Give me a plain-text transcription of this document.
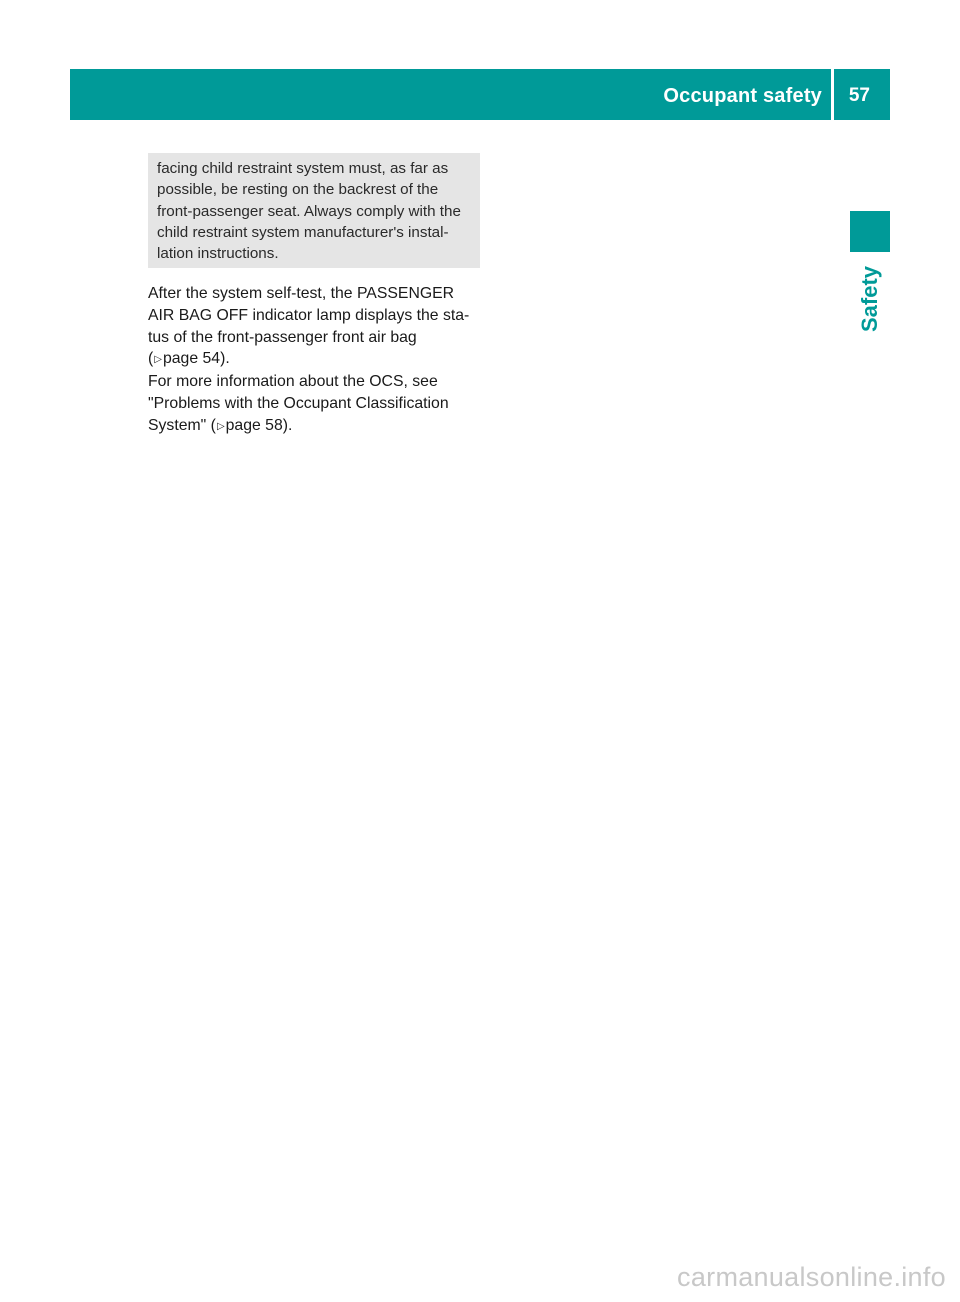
Occupant safety 57
Safety
facing child restraint system must, as far as
possible, be resting on the backrest of the
front-passenger seat. Always comply with the
child restraint system manufacturer's instal-
lation instructions.
After the system self-test, the PASSENGER
AIR BAG OFF indicator lamp displays the sta-
tus of the front-passenger front air bag
(▷page 54).
For more information about the OCS, see
"Problems with the Occupant Classification
System" (▷page 58).
carmanualsonline.info
